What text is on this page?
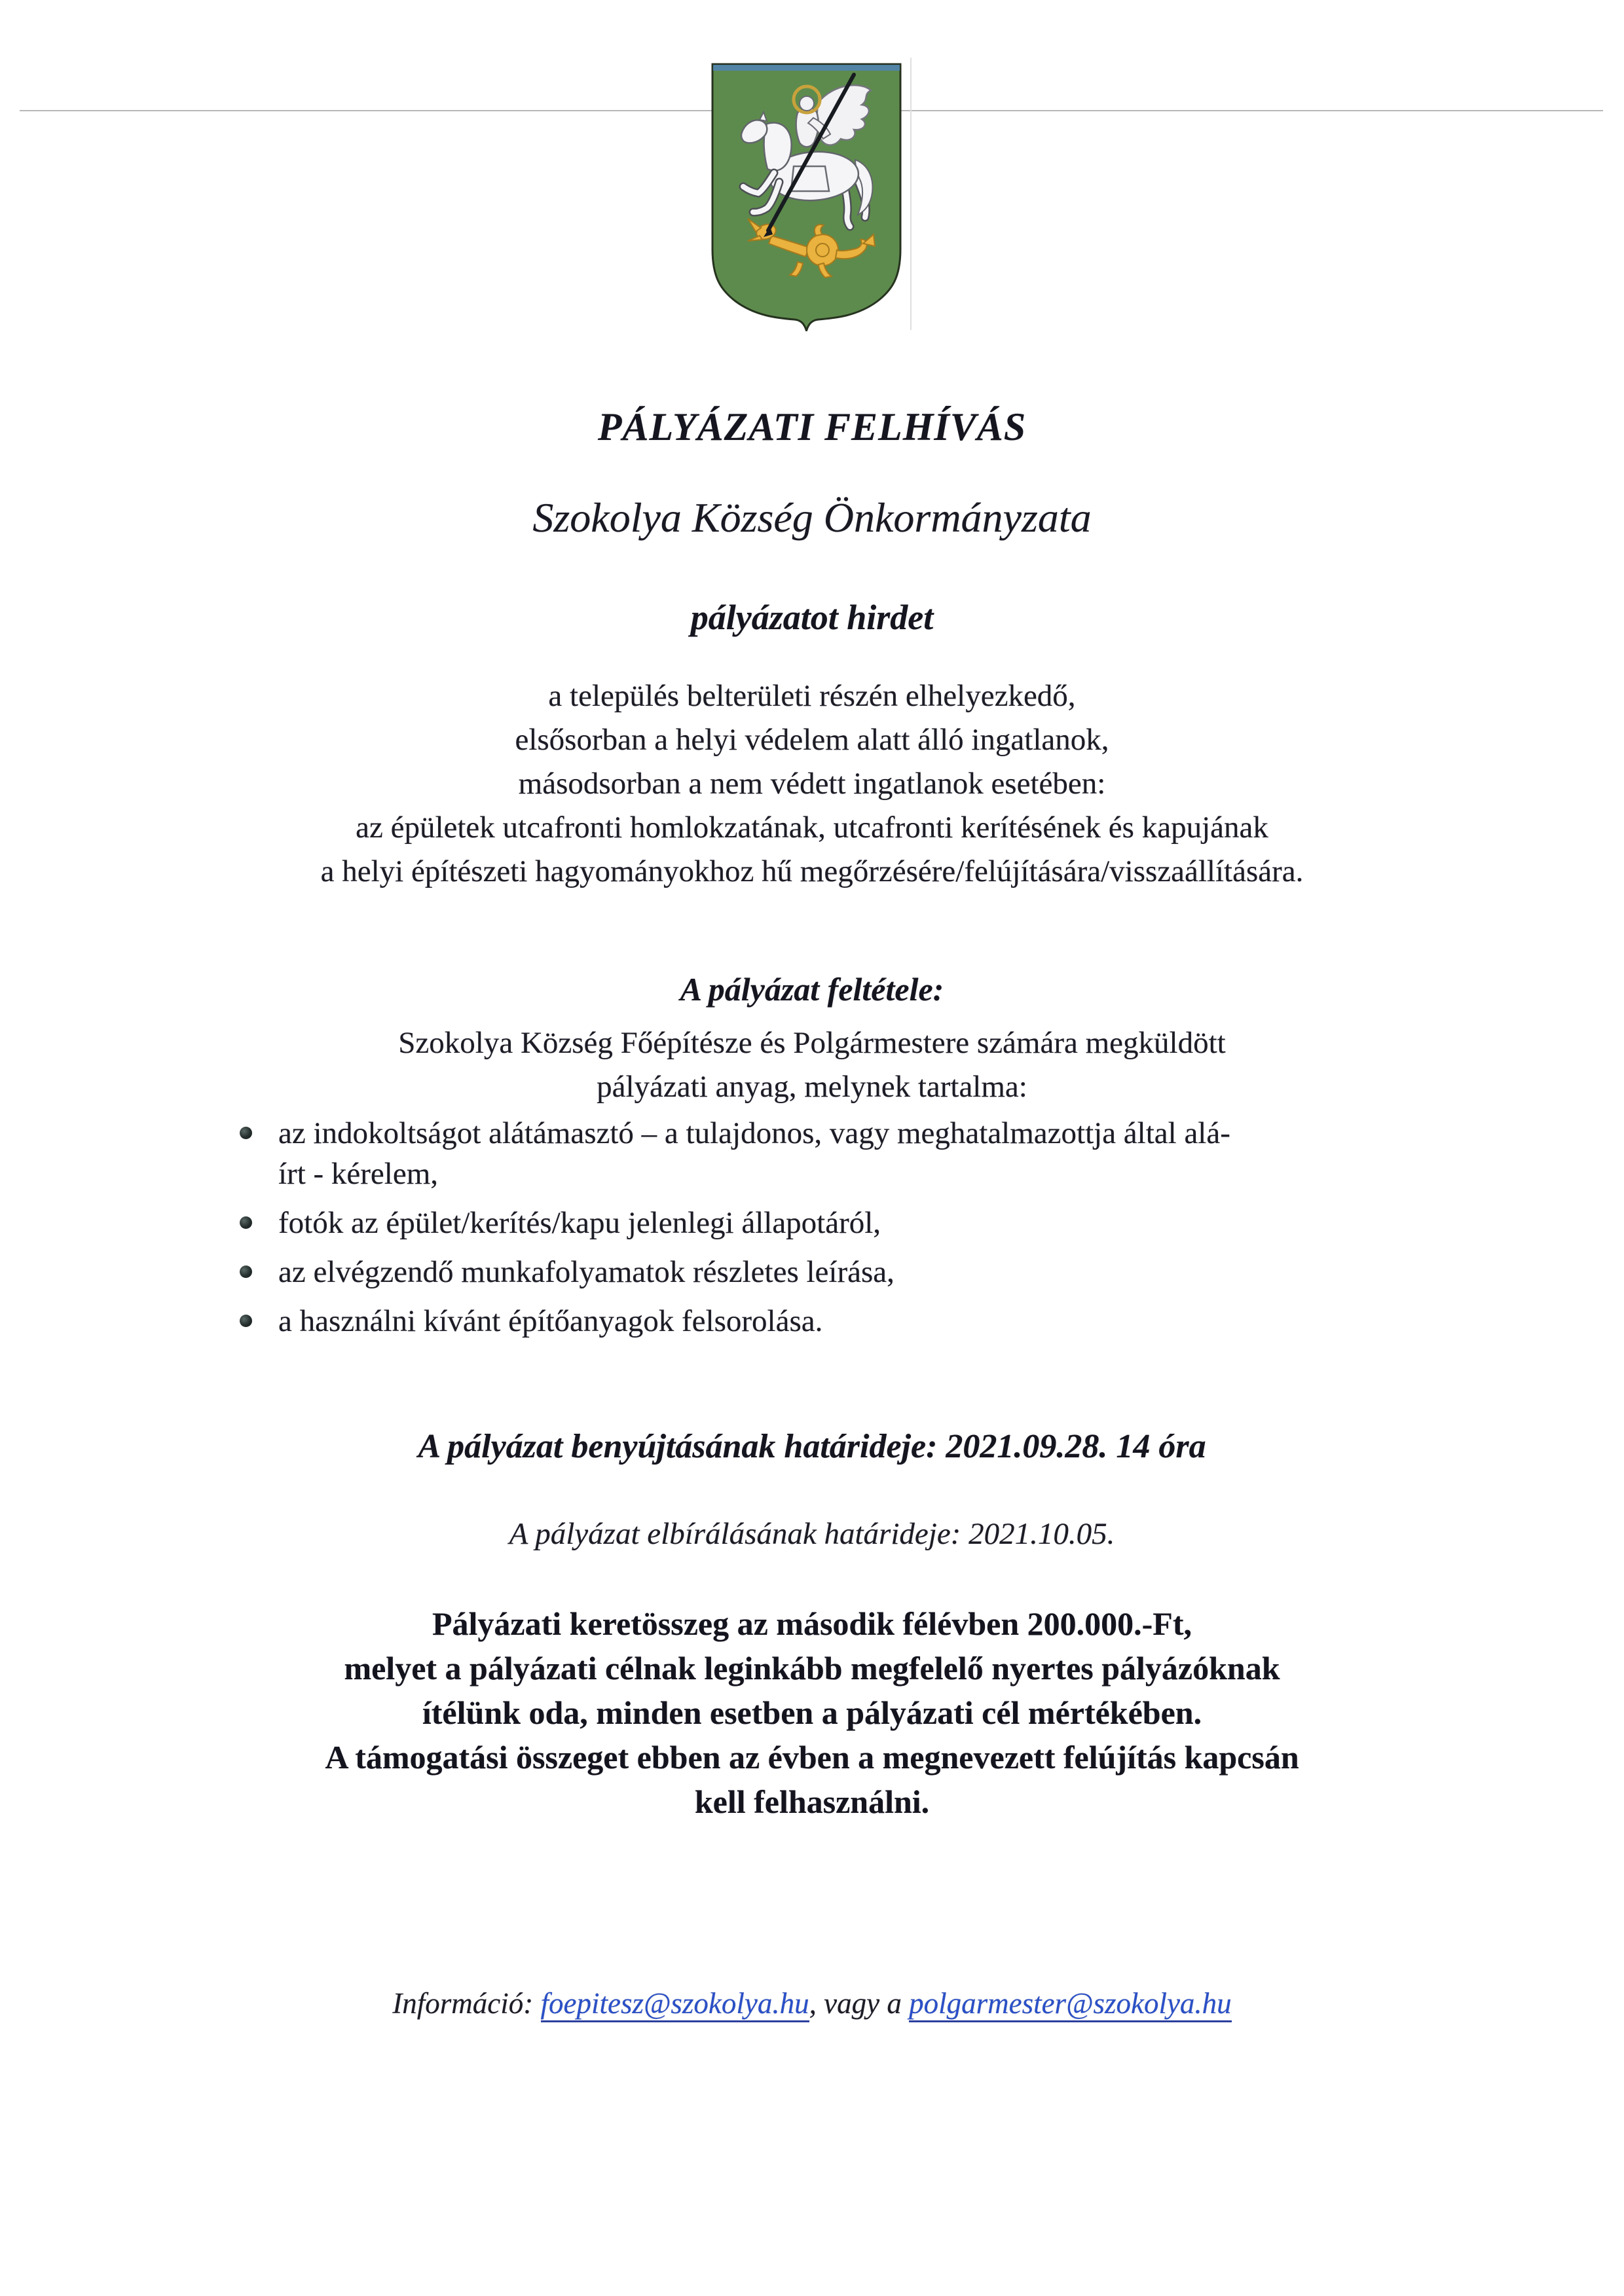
PÁLYÁZATI FELHÍVÁS
Szokolya Község Önkormányzata
pályázatot hirdet
a település belterületi részén elhelyezkedő,
elsősorban a helyi védelem alatt álló ingatlanok,
másodsorban a nem védett ingatlanok esetében:
az épületek utcafronti homlokzatának, utcafronti kerítésének és kapujának
a helyi építészeti hagyományokhoz hű megőrzésére/felújítására/visszaállítására.
A pályázat feltétele:
Szokolya Község Főépítésze és Polgármestere számára megküldött
pályázati anyag, melynek tartalma:
az indokoltságot alátámasztó – a tulajdonos, vagy meghatalmazottja által alá-
írt - kérelem,
fotók az épület/kerítés/kapu jelenlegi állapotáról,
az elvégzendő munkafolyamatok részletes leírása,
a használni kívánt építőanyagok felsorolása.
A pályázat benyújtásának határideje: 2021.09.28. 14 óra
A pályázat elbírálásának határideje: 2021.10.05.
Pályázati keretösszeg az második félévben 200.000.-Ft,
melyet a pályázati célnak leginkább megfelelő nyertes pályázóknak
ítélünk oda, minden esetben a pályázati cél mértékében.
A támogatási összeget ebben az évben a megnevezett felújítás kapcsán
kell felhasználni.
Információ: foepitesz@szokolya.hu, vagy a polgarmester@szokolya.hu
